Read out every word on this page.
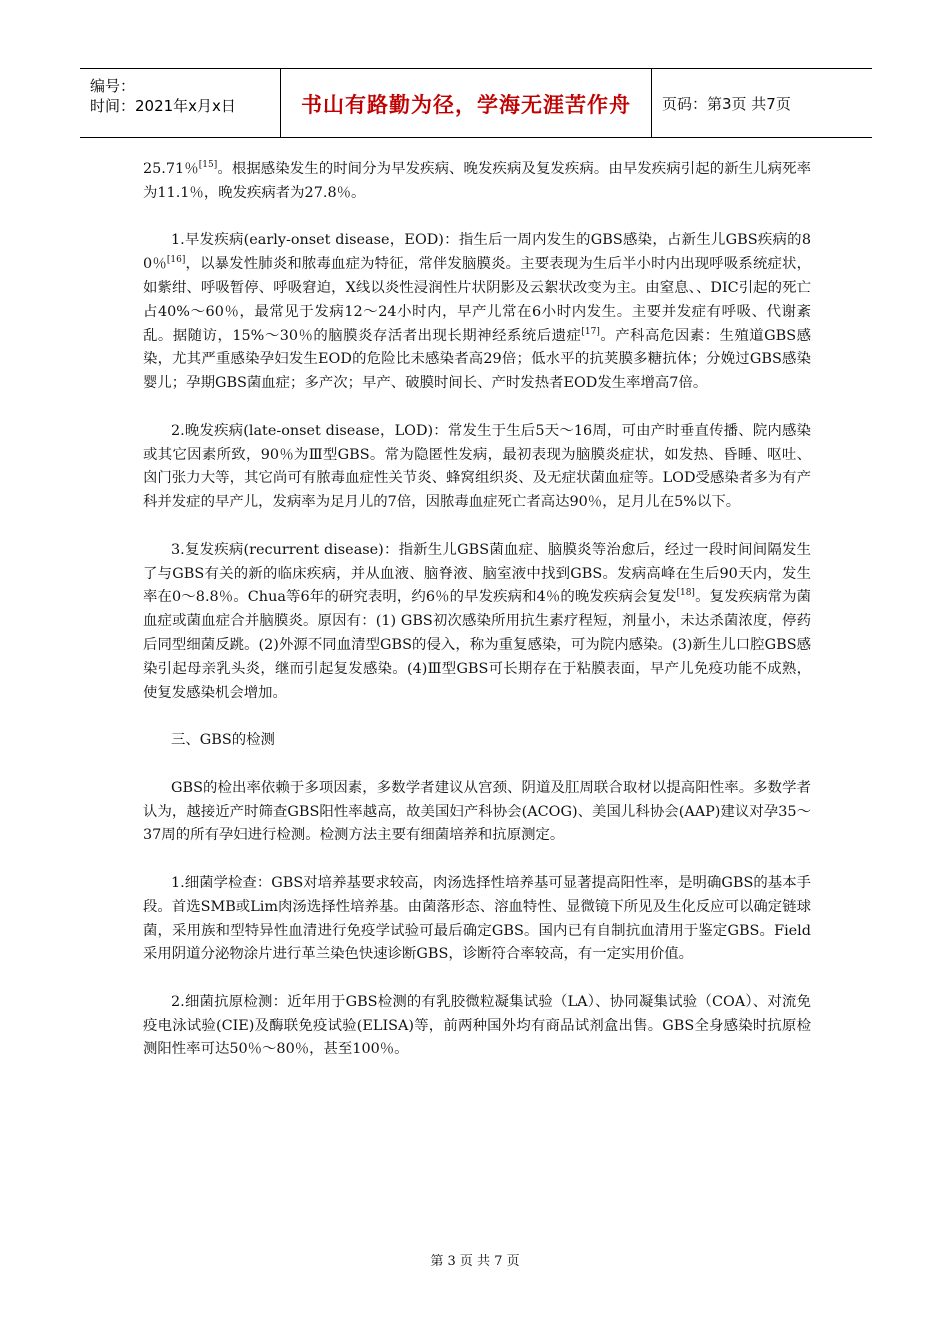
编号：
时间：2021年x月x日	书山有路勤为径，学海无涯苦作舟	页码：第3页 共7页

25.71％[15]。根据感染发生的时间分为早发疾病、晚发疾病及复发疾病。由早发疾病引起的新生儿病死率为11.1％，晚发疾病者为27.8％。

1.早发疾病(early-onset disease，EOD)：指生后一周内发生的GBS感染，占新生儿GBS疾病的80％[16]，以暴发性肺炎和脓毒血症为特征，常伴发脑膜炎。主要表现为生后半小时内出现呼吸系统症状，如紫绀、呼吸暂停、呼吸窘迫，X线以炎性浸润性片状阴影及云絮状改变为主。由窒息、、DIC引起的死亡占40%～60％，最常见于发病12～24小时内，早产儿常在6小时内发生。主要并发症有呼吸、代谢紊乱。据随访，15%～30％的脑膜炎存活者出现长期神经系统后遗症[17]。产科高危因素：生殖道GBS感染，尤其严重感染孕妇发生EOD的危险比未感染者高29倍；低水平的抗荚膜多糖抗体；分娩过GBS感染婴儿；孕期GBS菌血症；多产次；早产、破膜时间长、产时发热者EOD发生率增高7倍。

2.晚发疾病(late-onset disease，LOD)：常发生于生后5天～16周，可由产时垂直传播、院内感染或其它因素所致，90％为Ⅲ型GBS。常为隐匿性发病，最初表现为脑膜炎症状，如发热、昏睡、呕吐、囟门张力大等，其它尚可有脓毒血症性关节炎、蜂窝组织炎、及无症状菌血症等。LOD受感染者多为有产科并发症的早产儿，发病率为足月儿的7倍，因脓毒血症死亡者高达90％，足月儿在5%以下。

3.复发疾病(recurrent disease)：指新生儿GBS菌血症、脑膜炎等治愈后，经过一段时间间隔发生了与GBS有关的新的临床疾病，并从血液、脑脊液、脑室液中找到GBS。发病高峰在生后90天内，发生率在0～8.8％。Chua等6年的研究表明，约6％的早发疾病和4％的晚发疾病会复发[18]。复发疾病常为菌血症或菌血症合并脑膜炎。原因有：(1) GBS初次感染所用抗生素疗程短，剂量小，未达杀菌浓度，停药后同型细菌反跳。(2)外源不同血清型GBS的侵入，称为重复感染，可为院内感染。(3)新生儿口腔GBS感染引起母亲乳头炎，继而引起复发感染。(4)Ⅲ型GBS可长期存在于粘膜表面，早产儿免疫功能不成熟，使复发感染机会增加。

三、GBS的检测

GBS的检出率依赖于多项因素，多数学者建议从宫颈、阴道及肛周联合取材以提高阳性率。多数学者认为，越接近产时筛查GBS阳性率越高，故美国妇产科协会(ACOG)、美国儿科协会(AAP)建议对孕35～37周的所有孕妇进行检测。检测方法主要有细菌培养和抗原测定。

1.细菌学检查：GBS对培养基要求较高，肉汤选择性培养基可显著提高阳性率，是明确GBS的基本手段。首选SMB或Lim肉汤选择性培养基。由菌落形态、溶血特性、显微镜下所见及生化反应可以确定链球菌，采用族和型特异性血清进行免疫学试验可最后确定GBS。国内已有自制抗血清用于鉴定GBS。Field采用阴道分泌物涂片进行革兰染色快速诊断GBS，诊断符合率较高，有一定实用价值。

2.细菌抗原检测：近年用于GBS检测的有乳胶微粒凝集试验（LA）、协同凝集试验（COA）、对流免疫电泳试验(CIE)及酶联免疫试验(ELISA)等，前两种国外均有商品试剂盒出售。GBS全身感染时抗原检测阳性率可达50％～80％，甚至100％。

第 3 页 共 7 页
